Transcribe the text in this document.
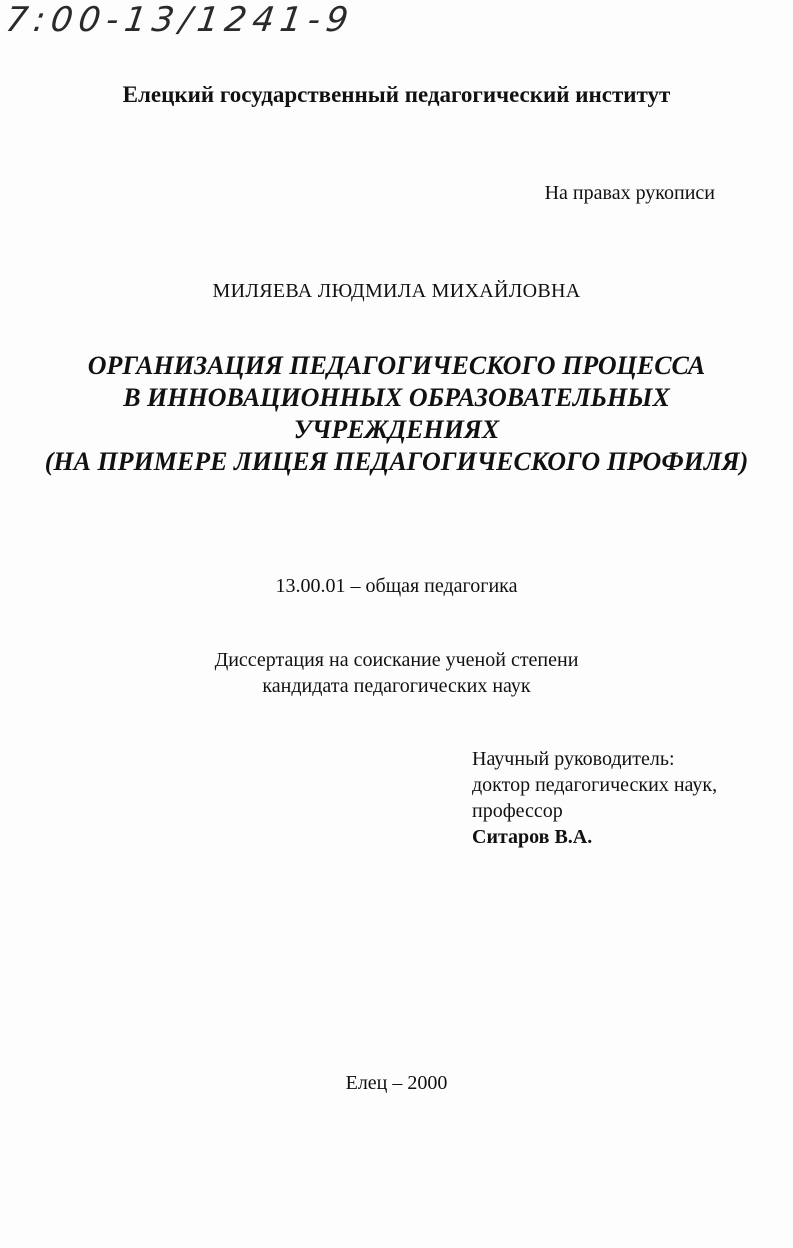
7:00-13/1241-9
Елецкий государственный педагогический институт
На правах рукописи
МИЛЯЕВА ЛЮДМИЛА МИХАЙЛОВНА
ОРГАНИЗАЦИЯ ПЕДАГОГИЧЕСКОГО ПРОЦЕССА
В ИННОВАЦИОННЫХ ОБРАЗОВАТЕЛЬНЫХ
УЧРЕЖДЕНИЯХ
(НА ПРИМЕРЕ ЛИЦЕЯ ПЕДАГОГИЧЕСКОГО ПРОФИЛЯ)
13.00.01 – общая педагогика
Диссертация на соискание ученой степени
кандидата педагогических наук
Научный руководитель:
доктор педагогических наук,
профессор
Ситаров В.А.
Елец – 2000
